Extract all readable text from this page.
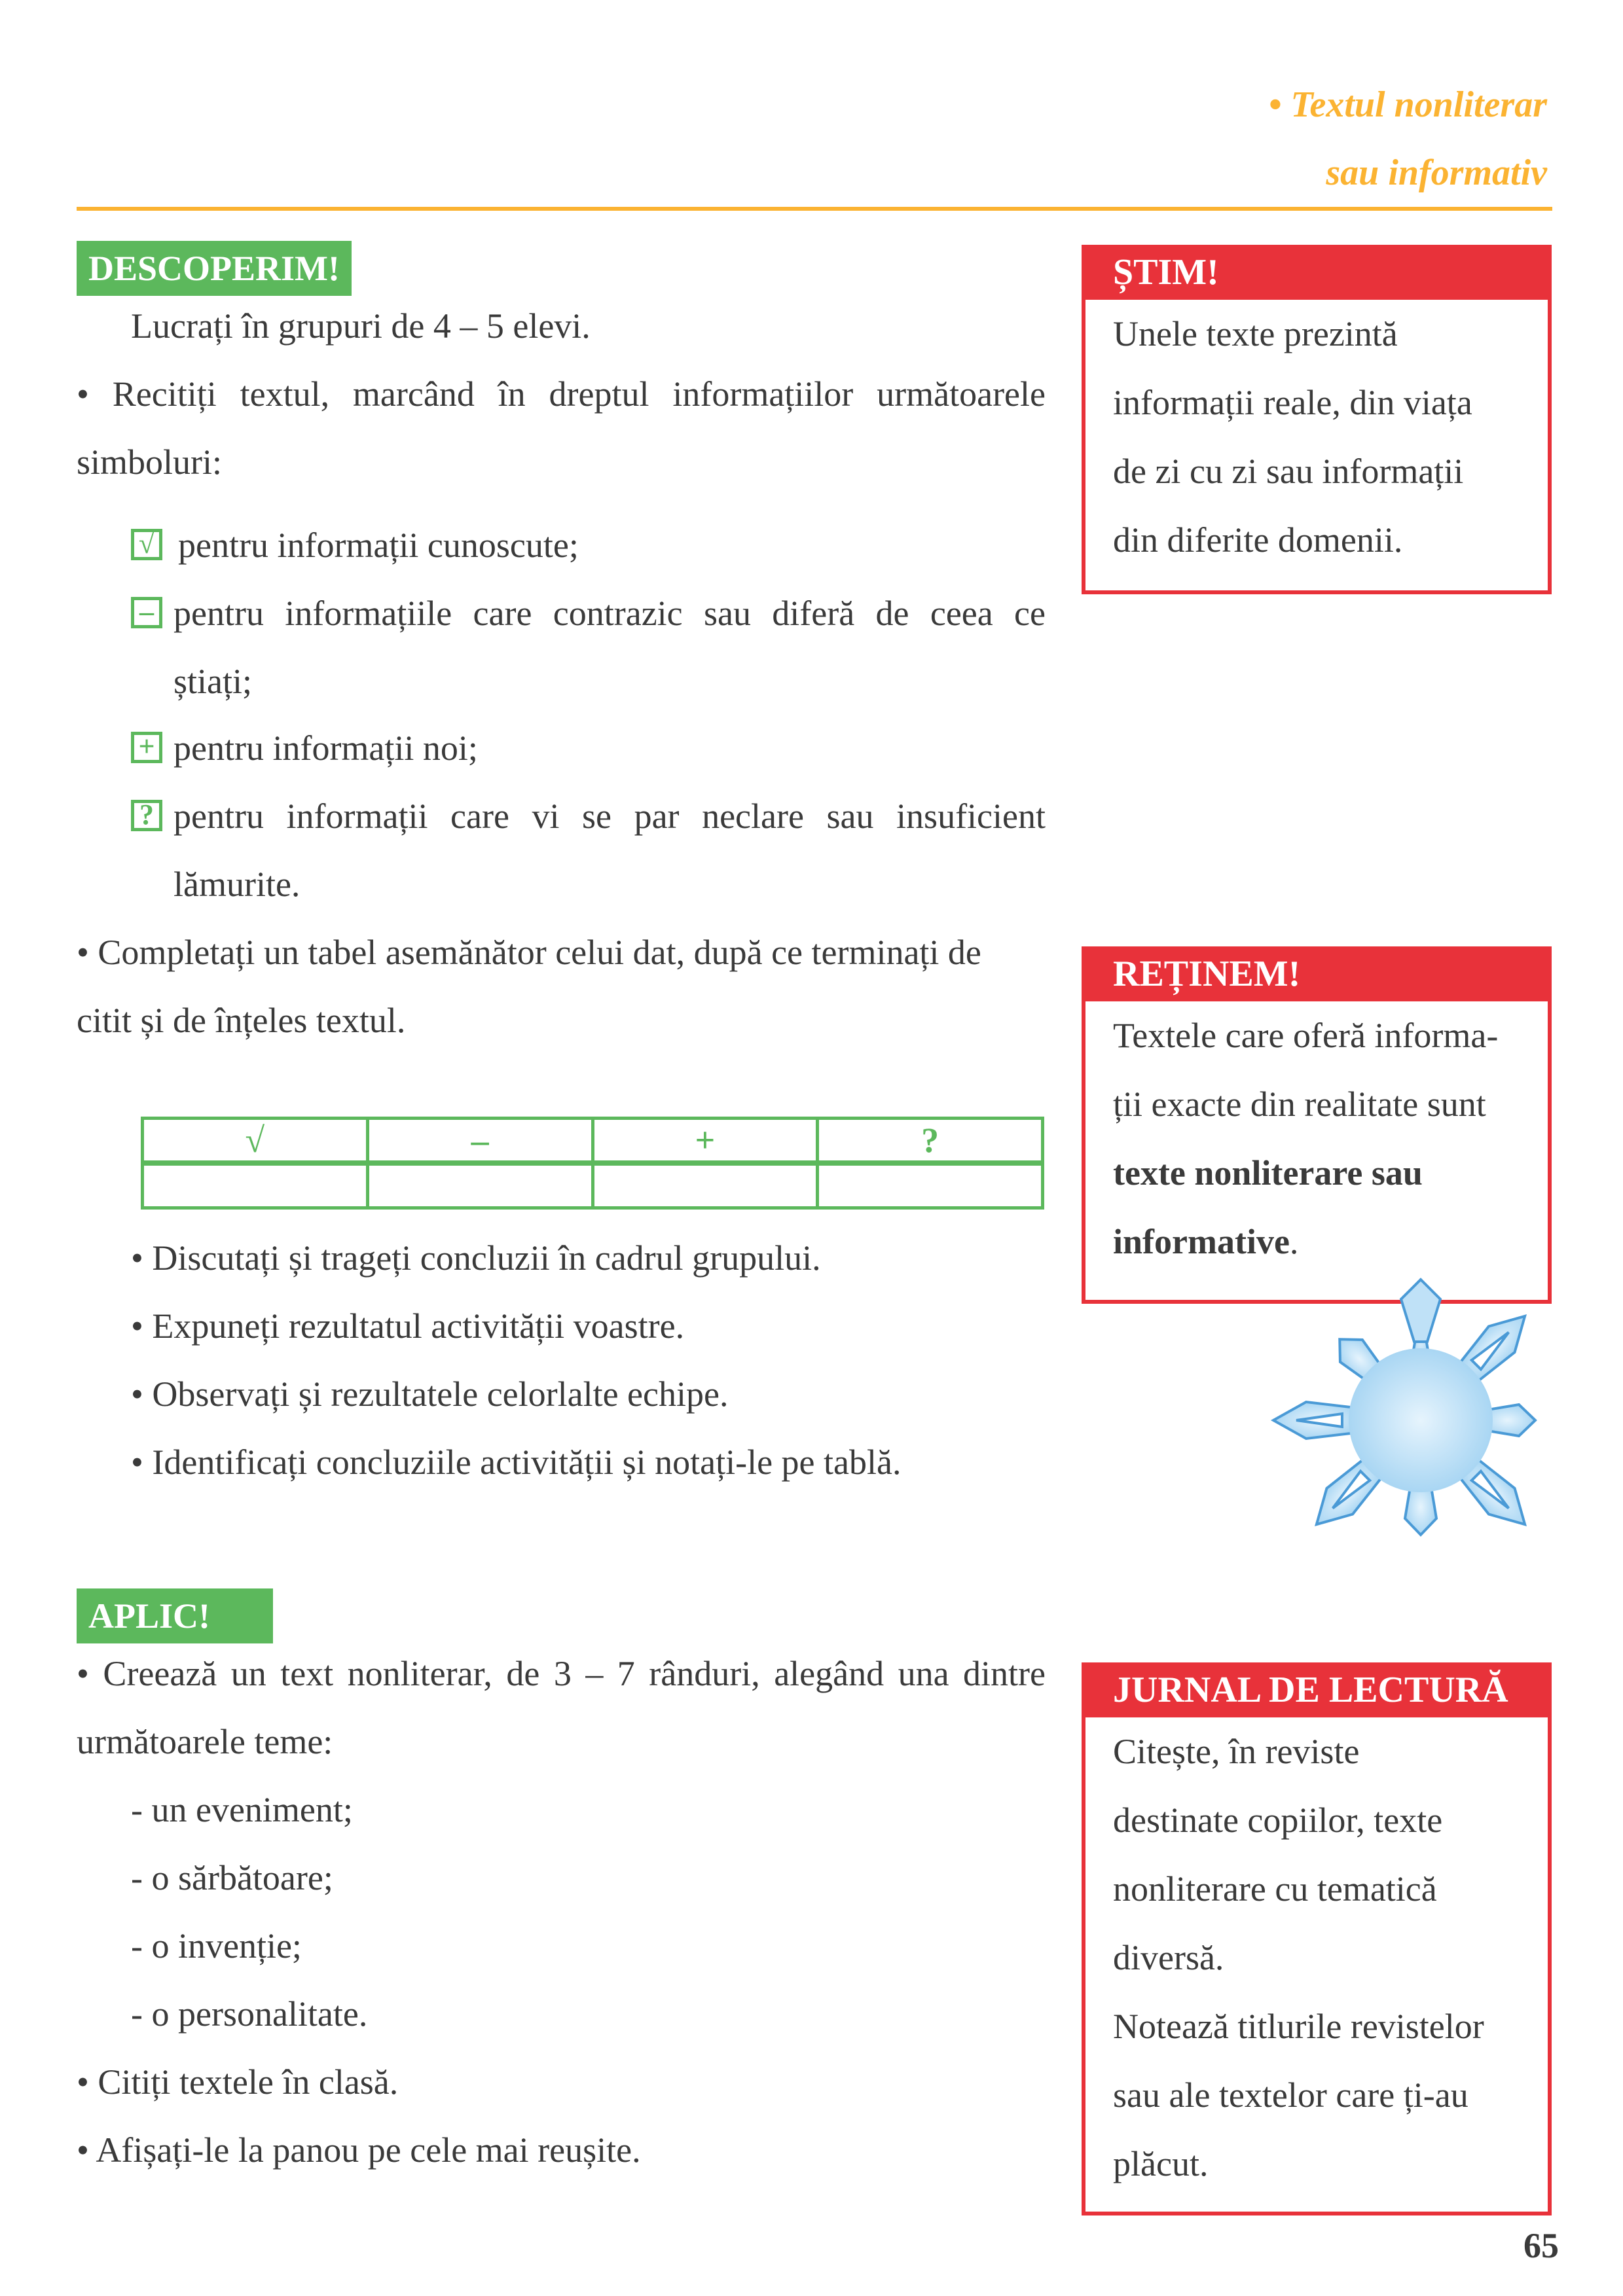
• Textul nonliterar
sau informativ
DESCOPERIM!
Lucrați în grupuri de 4 – 5 elevi.
• Recitiți textul, marcând în dreptul informațiilor următoarele
simboluri:
√ pentru informații cunoscute;
– pentru informațiile care contrazic sau diferă de ceea ce
știați;
+ pentru informații noi;
? pentru informații care vi se par neclare sau insuficient
lămurite.
• Completați un tabel asemănător celui dat, după ce terminați de
citit și de înțeles textul.
√	–	+	?

• Discutați și trageți concluzii în cadrul grupului.
• Expuneți rezultatul activității voastre.
• Observați și rezultatele celorlalte echipe.
• Identificați concluziile activității și notați-le pe tablă.
APLIC!
• Creează un text nonliterar, de 3 – 7 rânduri, alegând una dintre
următoarele teme:
- un eveniment;
- o sărbătoare;
- o invenție;
- o personalitate.
• Citiți textele în clasă.
• Afișați-le la panou pe cele mai reușite.
ȘTIM!
Unele texte prezintă
informații reale, din viața
de zi cu zi sau informații
din diferite domenii.
REȚINEM!
Textele care oferă informa-
ții exacte din realitate sunt
texte nonliterare sau
informative.
JURNAL DE LECTURĂ
Citește, în reviste
destinate copiilor, texte
nonliterare cu tematică
diversă.
Notează titlurile revistelor
sau ale textelor care ți-au
plăcut.
65
